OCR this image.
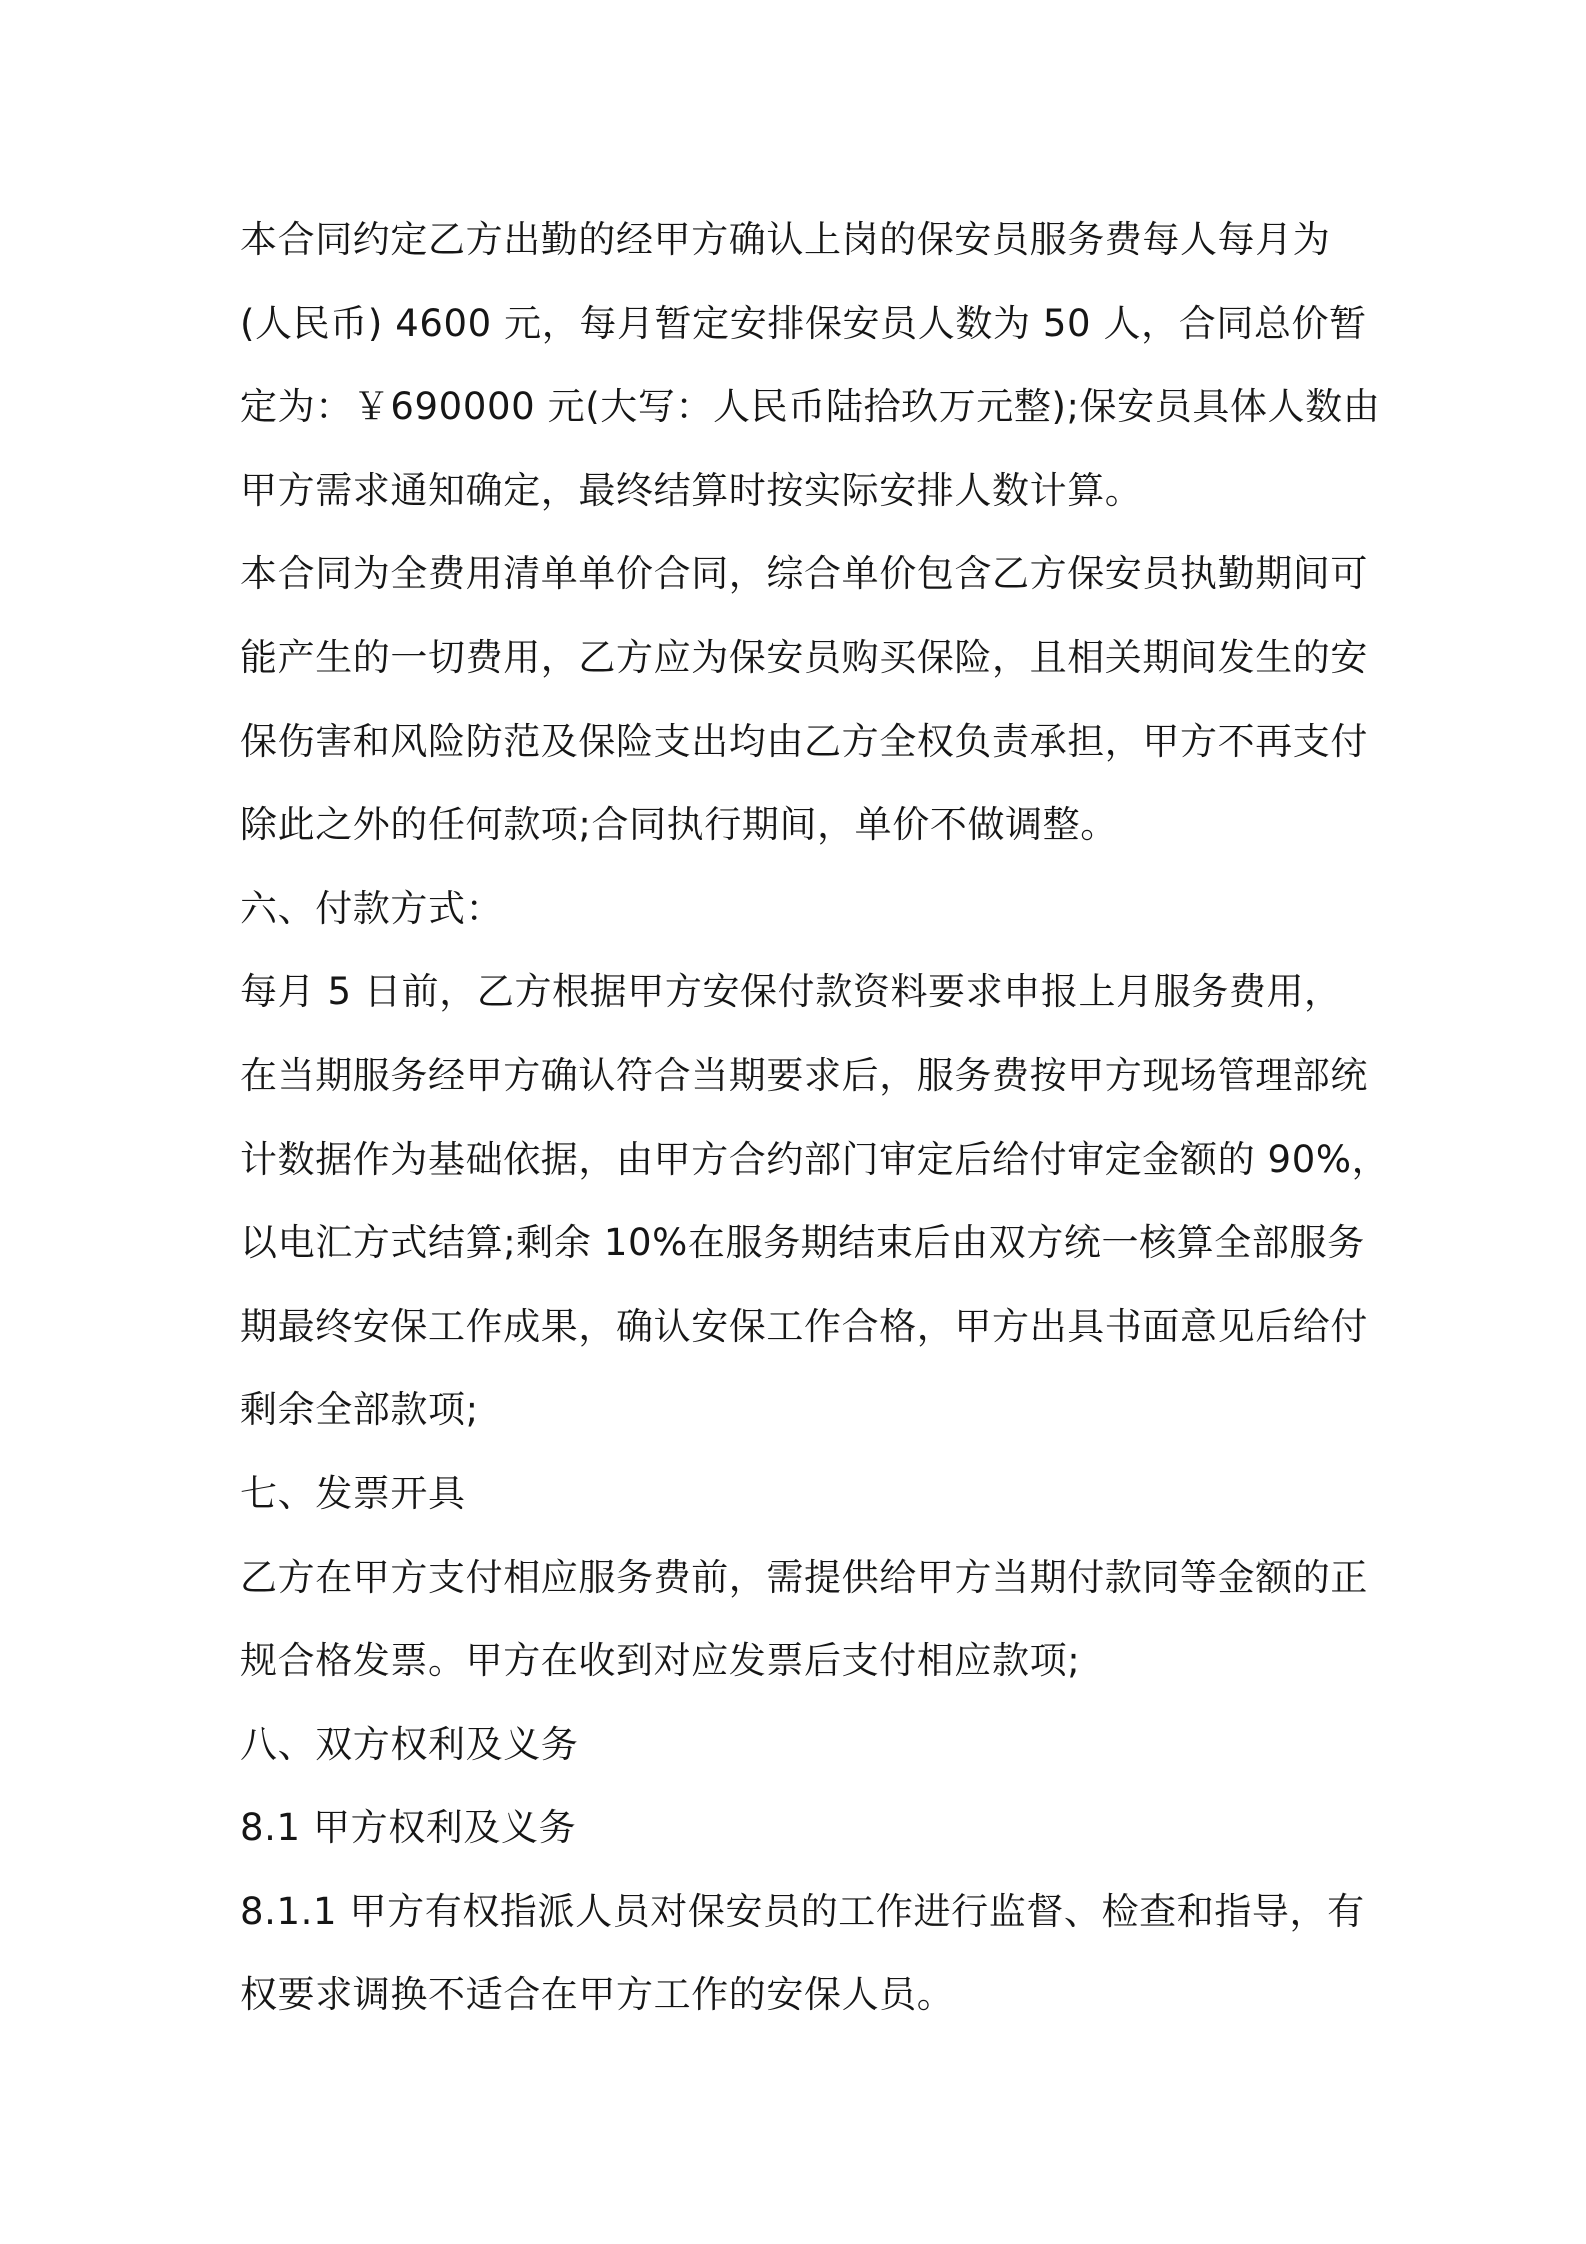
本合同约定乙方出勤的经甲方确认上岗的保安员服务费每人每月为
(人民币) 4600 元，每月暂定安排保安员人数为 50 人，合同总价暂
定为：￥690000 元(大写：人民币陆拾玖万元整);保安员具体人数由
甲方需求通知确定，最终结算时按实际安排人数计算。
本合同为全费用清单单价合同，综合单价包含乙方保安员执勤期间可
能产生的一切费用，乙方应为保安员购买保险，且相关期间发生的安
保伤害和风险防范及保险支出均由乙方全权负责承担，甲方不再支付
除此之外的任何款项;合同执行期间，单价不做调整。
六、付款方式：
每月 5 日前，乙方根据甲方安保付款资料要求申报上月服务费用，
在当期服务经甲方确认符合当期要求后，服务费按甲方现场管理部统
计数据作为基础依据，由甲方合约部门审定后给付审定金额的 90%，
以电汇方式结算;剩余 10%在服务期结束后由双方统一核算全部服务
期最终安保工作成果，确认安保工作合格，甲方出具书面意见后给付
剩余全部款项;
七、发票开具
乙方在甲方支付相应服务费前，需提供给甲方当期付款同等金额的正
规合格发票。甲方在收到对应发票后支付相应款项;
八、双方权利及义务
8.1 甲方权利及义务
8.1.1 甲方有权指派人员对保安员的工作进行监督、检查和指导，有
权要求调换不适合在甲方工作的安保人员。
